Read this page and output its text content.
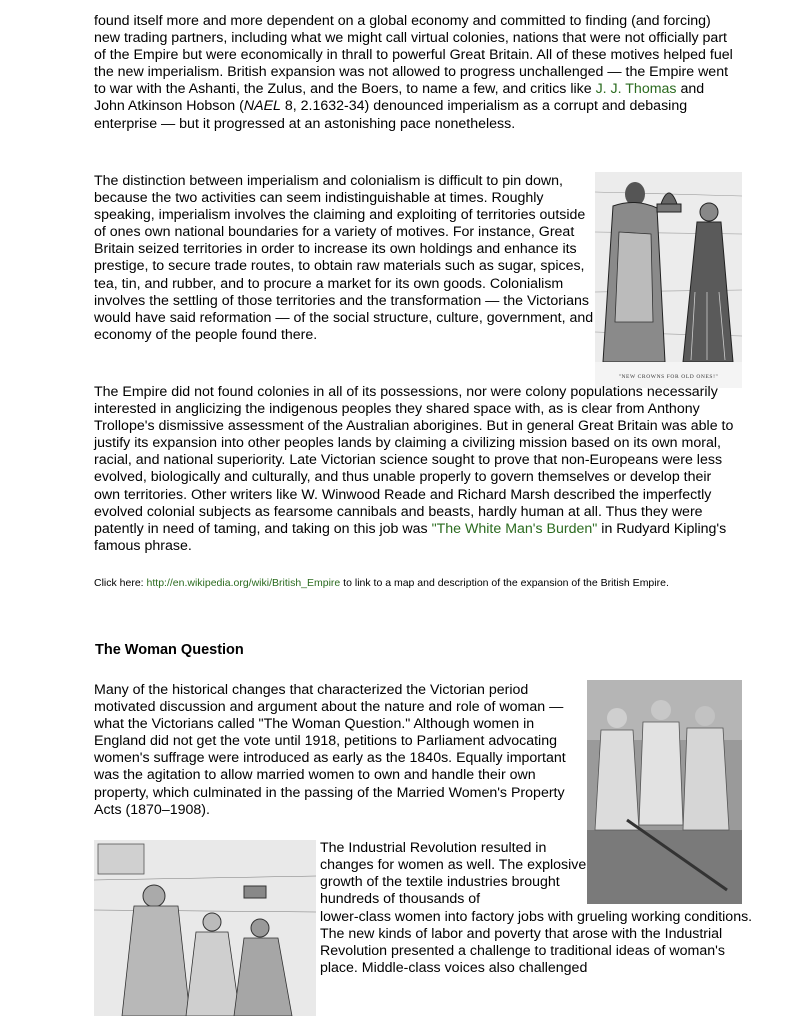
found itself more and more dependent on a global economy and committed to finding (and forcing) new trading partners, including what we might call virtual colonies, nations that were not officially part of the Empire but were economically in thrall to powerful Great Britain. All of these motives helped fuel the new imperialism. British expansion was not allowed to progress unchallenged — the Empire went to war with the Ashanti, the Zulus, and the Boers, to name a few, and critics like J. J. Thomas and John Atkinson Hobson (NAEL 8, 2.1632-34) denounced imperialism as a corrupt and debasing enterprise — but it progressed at an astonishing pace nonetheless.

The distinction between imperialism and colonialism is difficult to pin down, because the two activities can seem indistinguishable at times. Roughly speaking, imperialism involves the claiming and exploiting of territories outside of ones own national boundaries for a variety of motives. For instance, Great Britain seized territories in order to increase its own holdings and enhance its prestige, to secure trade routes, to obtain raw materials such as sugar, spices, tea, tin, and rubber, and to procure a market for its own goods. Colonialism involves the settling of those territories and the transformation — the Victorians would have said reformation — of the social structure, culture, government, and economy of the people found there.

"NEW CROWNS FOR OLD ONES!"

The Empire did not found colonies in all of its possessions, nor were colony populations necessarily interested in anglicizing the indigenous peoples they shared space with, as is clear from Anthony Trollope's dismissive assessment of the Australian aborigines. But in general Great Britain was able to justify its expansion into other peoples lands by claiming a civilizing mission based on its own moral, racial, and national superiority. Late Victorian science sought to prove that non-Europeans were less evolved, biologically and culturally, and thus unable properly to govern themselves or develop their own territories. Other writers like W. Winwood Reade and Richard Marsh described the imperfectly evolved colonial subjects as fearsome cannibals and beasts, hardly human at all. Thus they were patently in need of taming, and taking on this job was "The White Man's Burden" in Rudyard Kipling's famous phrase.

Click here: http://en.wikipedia.org/wiki/British_Empire to link to a map and description of the expansion of the British Empire.

The Woman Question

Many of the historical changes that characterized the Victorian period motivated discussion and argument about the nature and role of woman — what the Victorians called "The Woman Question." Although women in England did not get the vote until 1918, petitions to Parliament advocating women's suffrage were introduced as early as the 1840s. Equally important was the agitation to allow married women to own and handle their own property, which culminated in the passing of the Married Women's Property Acts (1870–1908).

The Industrial Revolution resulted in changes for women as well. The explosive growth of the textile industries brought hundreds of thousands of

lower-class women into factory jobs with grueling working conditions. The new kinds of labor and poverty that arose with the Industrial Revolution presented a challenge to traditional ideas of woman's place. Middle-class voices also challenged
